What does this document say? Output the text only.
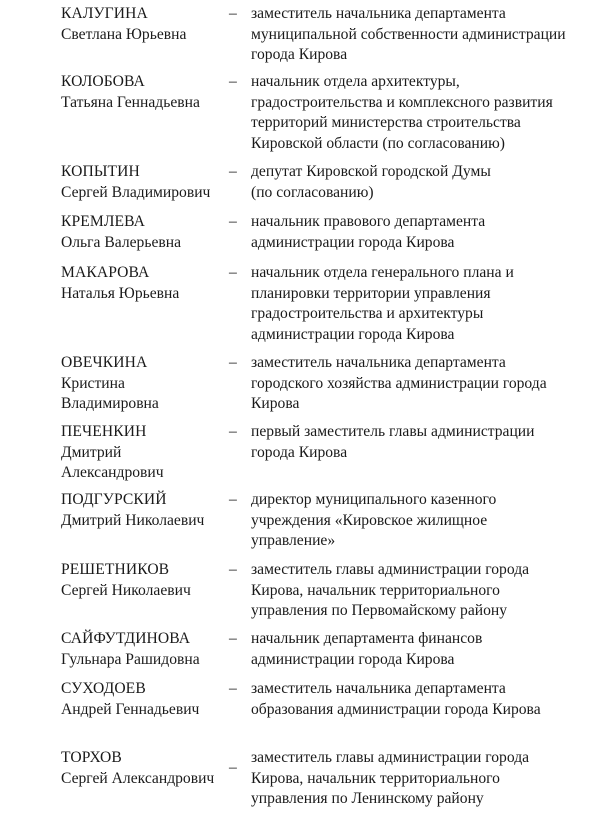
КАЛУГИНА
Светлана Юрьевна
– заместитель начальника департамента
муниципальной собственности администрации
города Кирова
КОЛОБОВА
Татьяна Геннадьевна
– начальник отдела архитектуры,
градостроительства и комплексного развития
территорий министерства строительства
Кировской области (по согласованию)
КОПЫТИН
Сергей Владимирович
– депутат Кировской городской Думы
(по согласованию)
КРЕМЛЕВА
Ольга Валерьевна
– начальник правового департамента
администрации города Кирова
МАКАРОВА
Наталья Юрьевна
– начальник отдела генерального плана и
планировки территории управления
градостроительства и архитектуры
администрации города Кирова
ОВЕЧКИНА
Кристина
Владимировна
– заместитель начальника департамента
городского хозяйства администрации города
Кирова
ПЕЧЕНКИН
Дмитрий
Александрович
– первый заместитель главы администрации
города Кирова
ПОДГУРСКИЙ
Дмитрий Николаевич
– директор муниципального казенного
учреждения «Кировское жилищное
управление»
РЕШЕТНИКОВ
Сергей Николаевич
– заместитель главы администрации города
Кирова, начальник территориального
управления по Первомайскому району
САЙФУТДИНОВА
Гульнара Рашидовна
– начальник департамента финансов
администрации города Кирова
СУХОДОЕВ
Андрей Геннадьевич
– заместитель начальника департамента
образования администрации города Кирова
ТОРХОВ
Сергей Александрович
–
заместитель главы администрации города
Кирова, начальник территориального
управления по Ленинскому району
